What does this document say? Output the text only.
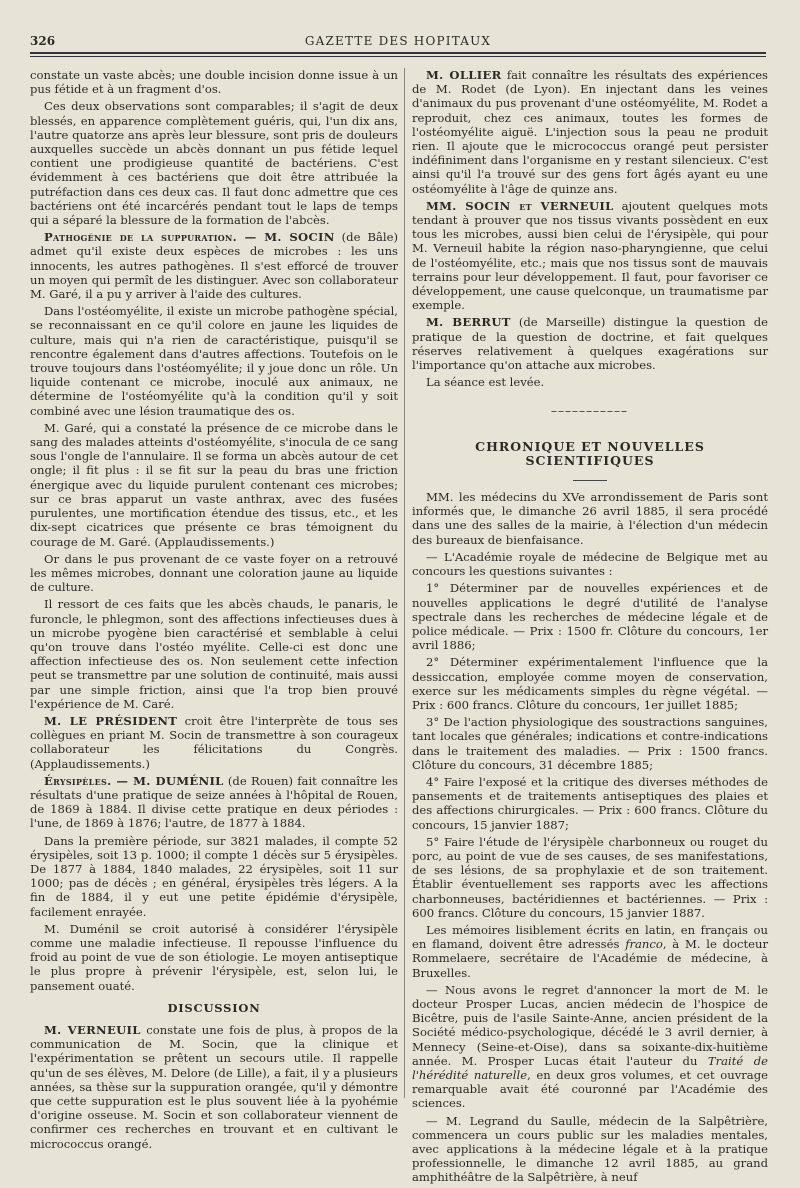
326	GAZETTE DES HOPITAUX

constate un vaste abcès; une double incision donne issue à un pus fétide et à un fragment d'os.

Ces deux observations sont comparables; il s'agit de deux blessés, en apparence complètement guéris, qui, l'un dix ans, l'autre quatorze ans après leur blessure, sont pris de douleurs auxquelles succède un abcès donnant un pus fétide lequel contient une prodigieuse quantité de bactériens. C'est évidemment à ces bactériens que doit être attribuée la putréfaction dans ces deux cas. Il faut donc admettre que ces bactériens ont été incarcérés pendant tout le laps de temps qui a séparé la blessure de la formation de l'abcès.

Pathogénie de la suppuration. — M. SOCIN (de Bâle) admet qu'il existe deux espèces de microbes : les uns innocents, les autres pathogènes. Il s'est efforcé de trouver un moyen qui permît de les distinguer. Avec son collaborateur M. Garé, il a pu y arriver à l'aide des cultures.

Dans l'ostéomyélite, il existe un microbe pathogène spécial, se reconnaissant en ce qu'il colore en jaune les liquides de culture, mais qui n'a rien de caractéristique, puisqu'il se rencontre également dans d'autres affections. Toutefois on le trouve toujours dans l'ostéomyélite; il y joue donc un rôle. Un liquide contenant ce microbe, inoculé aux animaux, ne détermine de l'ostéomyélite qu'à la condition qu'il y soit combiné avec une lésion traumatique des os.

M. Garé, qui a constaté la présence de ce microbe dans le sang des malades atteints d'ostéomyélite, s'inocula de ce sang sous l'ongle de l'annulaire. Il se forma un abcès autour de cet ongle; il fit plus : il se fit sur la peau du bras une friction énergique avec du liquide purulent contenant ces microbes; sur ce bras apparut un vaste anthrax, avec des fusées purulentes, une mortification étendue des tissus, etc., et les dix-sept cicatrices que présente ce bras témoignent du courage de M. Garé. (Applaudissements.)

Or dans le pus provenant de ce vaste foyer on a retrouvé les mêmes microbes, donnant une coloration jaune au liquide de culture.

Il ressort de ces faits que les abcès chauds, le panaris, le furoncle, le phlegmon, sont des affections infectieuses dues à un microbe pyogène bien caractérisé et semblable à celui qu'on trouve dans l'ostéo myélite. Celle-ci est donc une affection infectieuse des os. Non seulement cette infection peut se transmettre par une solution de continuité, mais aussi par une simple friction, ainsi que l'a trop bien prouvé l'expérience de M. Caré.

M. LE PRÉSIDENT croit être l'interprète de tous ses collègues en priant M. Socin de transmettre à son courageux collaborateur les félicitations du Congrès. (Applaudissements.)

Érysipèles. — M. DUMÉNIL (de Rouen) fait connaître les résultats d'une pratique de seize années à l'hôpital de Rouen, de 1869 à 1884. Il divise cette pratique en deux périodes : l'une, de 1869 à 1876; l'autre, de 1877 à 1884.

Dans la première période, sur 3821 malades, il compte 52 érysipèles, soit 13 p. 1000; il compte 1 décès sur 5 érysipèles. De 1877 à 1884, 1840 malades, 22 érysipèles, soit 11 sur 1000; pas de décès ; en général, érysipèles très légers. A la fin de 1884, il y eut une petite épidémie d'érysipèle, facilement enrayée.

M. Duménil se croit autorisé à considérer l'érysipèle comme une maladie infectieuse. Il repousse l'influence du froid au point de vue de son étiologie. Le moyen antiseptique le plus propre à prévenir l'érysipèle, est, selon lui, le pansement ouaté.

DISCUSSION

M. VERNEUIL constate une fois de plus, à propos de la communication de M. Socin, que la clinique et l'expérimentation se prêtent un secours utile. Il rappelle qu'un de ses élèves, M. Delore (de Lille), a fait, il y a plusieurs années, sa thèse sur la suppuration orangée, qu'il y démontre que cette suppuration est le plus souvent liée à la pyohémie d'origine osseuse. M. Socin et son collaborateur viennent de confirmer ces recherches en trouvant et en cultivant le micrococcus orangé.

M. OLLIER fait connaître les résultats des expériences de M. Rodet (de Lyon). En injectant dans les veines d'animaux du pus provenant d'une ostéomyélite, M. Rodet a reproduit, chez ces animaux, toutes les formes de l'ostéomyélite aiguë. L'injection sous la peau ne produit rien. Il ajoute que le micrococcus orangé peut persister indéfiniment dans l'organisme en y restant silencieux. C'est ainsi qu'il l'a trouvé sur des gens fort âgés ayant eu une ostéomyélite à l'âge de quinze ans.

MM. SOCIN et VERNEUIL ajoutent quelques mots tendant à prouver que nos tissus vivants possèdent en eux tous les microbes, aussi bien celui de l'érysipèle, qui pour M. Verneuil habite la région naso-pharyngienne, que celui de l'ostéomyélite, etc.; mais que nos tissus sont de mauvais terrains pour leur développement. Il faut, pour favoriser ce développement, une cause quelconque, un traumatisme par exemple.

M. BERRUT (de Marseille) distingue la question de pratique de la question de doctrine, et fait quelques réserves relativement à quelques exagérations sur l'importance qu'on attache aux microbes.

La séance est levée.

⎯⎯⎯⎯⎯⎯⎯⎯⎯⎯⎯
CHRONIQUE ET NOUVELLES SCIENTIFIQUES

MM. les médecins du XVe arrondissement de Paris sont informés que, le dimanche 26 avril 1885, il sera procédé dans une des salles de la mairie, à l'élection d'un médecin des bureaux de bienfaisance.

— L'Académie royale de médecine de Belgique met au concours les questions suivantes :

1° Déterminer par de nouvelles expériences et de nouvelles applications le degré d'utilité de l'analyse spectrale dans les recherches de médecine légale et de police médicale. — Prix : 1500 fr. Clôture du concours, 1er avril 1886;

2° Déterminer expérimentalement l'influence que la dessiccation, employée comme moyen de conservation, exerce sur les médicaments simples du règne végétal. — Prix : 600 francs. Clôture du concours, 1er juillet 1885;

3° De l'action physiologique des soustractions sanguines, tant locales que générales; indications et contre-indications dans le traitement des maladies. — Prix : 1500 francs. Clôture du concours, 31 décembre 1885;

4° Faire l'exposé et la critique des diverses méthodes de pansements et de traitements antiseptiques des plaies et des affections chirurgicales. — Prix : 600 francs. Clôture du concours, 15 janvier 1887;

5° Faire l'étude de l'érysipèle charbonneux ou rouget du porc, au point de vue de ses causes, de ses manifestations, de ses lésions, de sa prophylaxie et de son traitement. Établir éventuellement ses rapports avec les affections charbonneuses, bactéridiennes et bactériennes. — Prix : 600 francs. Clôture du concours, 15 janvier 1887.

Les mémoires lisiblement écrits en latin, en français ou en flamand, doivent être adressés franco, à M. le docteur Rommelaere, secrétaire de l'Académie de médecine, à Bruxelles.

— Nous avons le regret d'annoncer la mort de M. le docteur Prosper Lucas, ancien médecin de l'hospice de Bicêtre, puis de l'asile Sainte-Anne, ancien président de la Société médico-psychologique, décédé le 3 avril dernier, à Mennecy (Seine-et-Oise), dans sa soixante-dix-huitième année. M. Prosper Lucas était l'auteur du Traité de l'hérédité naturelle, en deux gros volumes, et cet ouvrage remarquable avait été couronné par l'Académie des sciences.

— M. Legrand du Saulle, médecin de la Salpêtrière, commencera un cours public sur les maladies mentales, avec applications à la médecine légale et à la pratique professionnelle, le dimanche 12 avril 1885, au grand amphithéâtre de la Salpêtrière, à neuf
